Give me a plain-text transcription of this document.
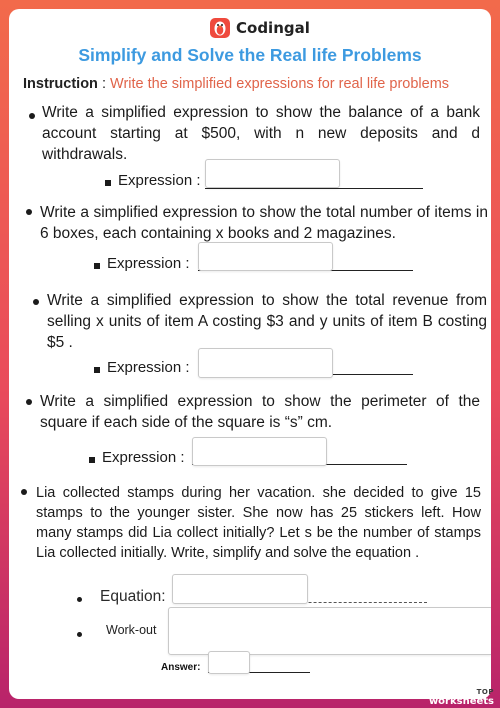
Codingal
Simplify and Solve the Real life Problems
Instruction : Write the simplified expressions for real life problems
Write a simplified expression to show the balance of a bank account starting at $500, with n new deposits and d withdrawals.
Expression :
Write a simplified expression to show the total number of items in 6 boxes, each containing x books and 2 magazines.
Expression :
Write a simplified expression to show the total revenue from selling x units of item A costing $3 and y units of item B costing $5 .
Expression :
Write a simplified expression to show the perimeter of the square if each side of the square is “s” cm.
Expression :
Lia collected stamps during her vacation. she decided to give 15 stamps to the younger sister. She now has 25 stickers left. How many stamps did Lia collect initially? Let s be the number of stamps Lia collected initially. Write, simplify and solve the equation .
Equation:
Work-out
Answer:
TOP
worksheets
